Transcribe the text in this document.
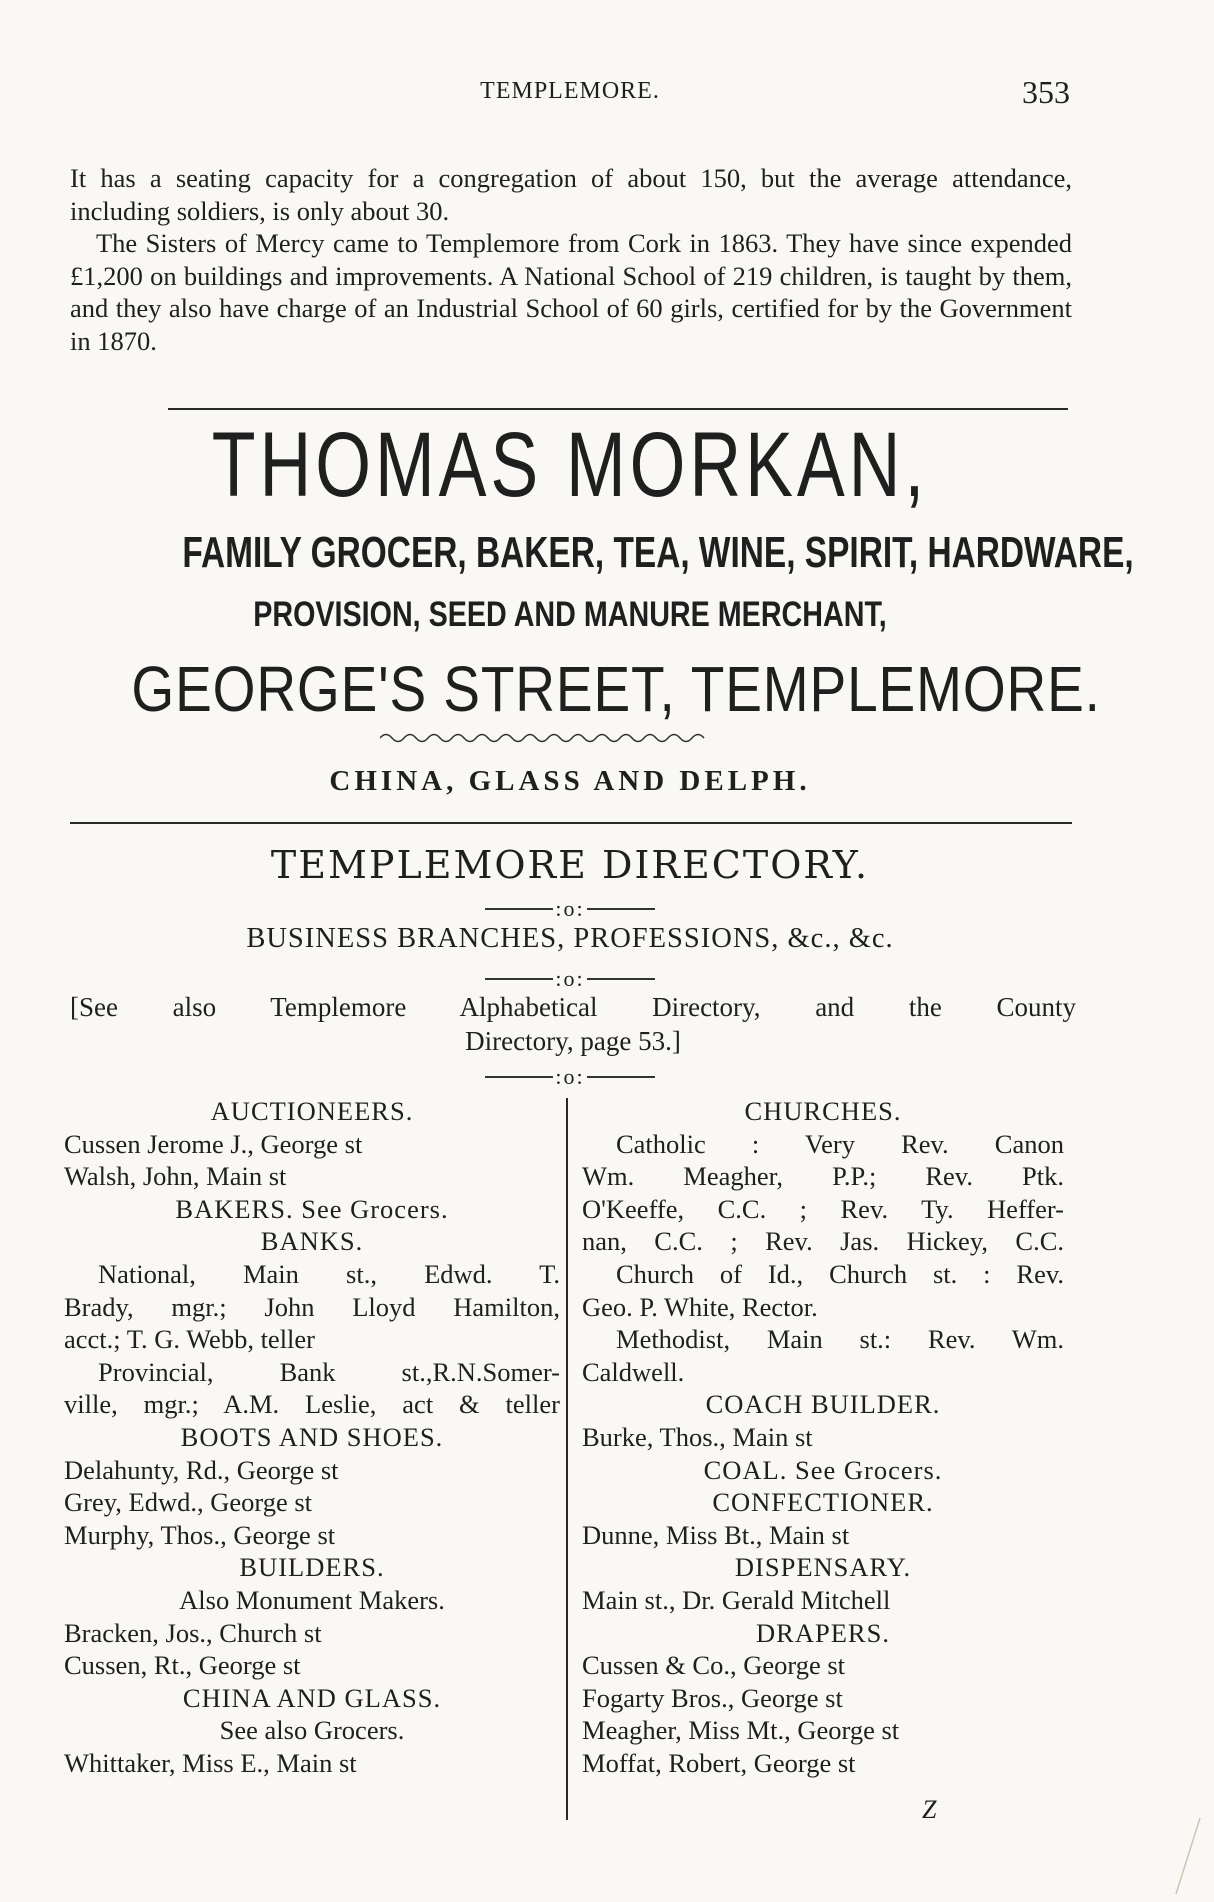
TEMPLEMORE.	353

It has a seating capacity for a congregation of about 150, but the average attendance, including soldiers, is only about 30.

The Sisters of Mercy came to Templemore from Cork in 1863. They have since expended £1,200 on buildings and improvements. A National School of 219 children, is taught by them, and they also have charge of an Industrial School of 60 girls, certified for by the Government in 1870.

THOMAS MORKAN,
FAMILY GROCER, BAKER, TEA, WINE, SPIRIT, HARDWARE,
PROVISION, SEED AND MANURE MERCHANT,
GEORGE'S STREET, TEMPLEMORE.
CHINA, GLASS AND DELPH.
TEMPLEMORE DIRECTORY.
:o:
BUSINESS BRANCHES, PROFESSIONS, &c., &c.
:o:
[See also Templemore Alphabetical Directory, and the County
Directory, page 53.]
:o:
AUCTIONEERS.
Cussen Jerome J., George st
Walsh, John, Main st
BAKERS. See Grocers.
BANKS.
National, Main st., Edwd. T.
Brady, mgr.; John Lloyd Hamilton,
acct.; T. G. Webb, teller
Provincial, Bank st.,R.N.Somer-
ville, mgr.; A.M. Leslie, act & teller
BOOTS AND SHOES.
Delahunty, Rd., George st
Grey, Edwd., George st
Murphy, Thos., George st
BUILDERS.
Also Monument Makers.
Bracken, Jos., Church st
Cussen, Rt., George st
CHINA AND GLASS.
See also Grocers.
Whittaker, Miss E., Main st
CHURCHES.
Catholic : Very Rev. Canon
Wm. Meagher, P.P.; Rev. Ptk.
O'Keeffe, C.C. ; Rev. Ty. Heffer-
nan, C.C. ; Rev. Jas. Hickey, C.C.
Church of Id., Church st. : Rev.
Geo. P. White, Rector.
Methodist, Main st.: Rev. Wm.
Caldwell.
COACH BUILDER.
Burke, Thos., Main st
COAL. See Grocers.
CONFECTIONER.
Dunne, Miss Bt., Main st
DISPENSARY.
Main st., Dr. Gerald Mitchell
DRAPERS.
Cussen & Co., George st
Fogarty Bros., George st
Meagher, Miss Mt., George st
Moffat, Robert, George st
Z
